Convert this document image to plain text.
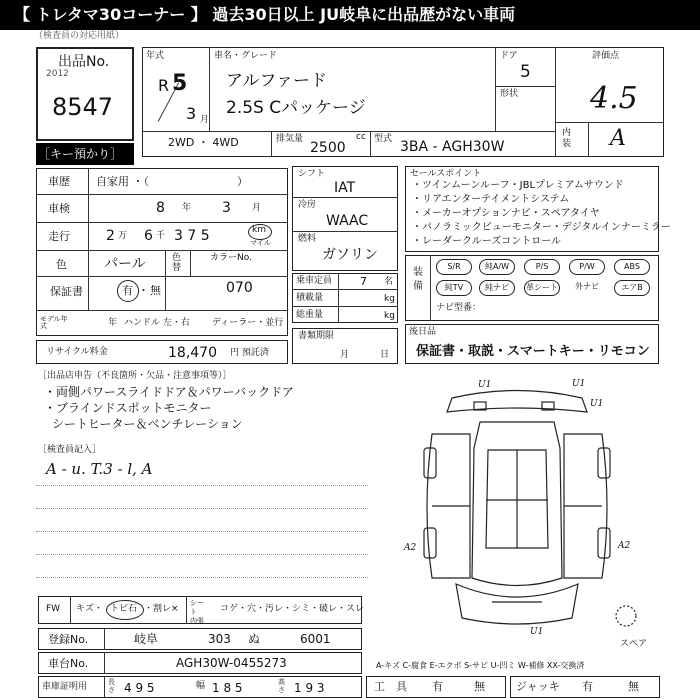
【 トレタマ30コーナー 】 過去30日以上 JU岐阜に出品歴がない車両
（検査員の対応用紙）
出品No.
2012
8547
［キー預かり］
年式
R 5
3 月
車名・グレード
アルファード
2.5S Cパッケージ
ドア
5
形状
評価点
4.5
内装 A
2WD ・ 4WD	排気量	cc
2500
型式 3BA - AGH30W
車歴 自家用 ・（　　　　　　　　）
車検	8 年 3 月
走行	2 万 6 千 3 7 5	km
マイル
色	パール	色替
カラーNo.
070
保証書	有 ・ 無
モデル年式	年 ハンドル 左・右 ディーラー・並行
リサイクル料金	18,470 円 預託済
シフト
IAT
冷房
WAAC
燃料
ガソリン
乗車定員	7 名
積載量	kg
総重量	kg
書類期限
月	日
セールスポイント
・ツインムーンルーフ・JBLプレミアムサウンド
・リアエンターテイメントシステム
・メーカーオプションナビ・スペアタイヤ
・パノラミックビューモニター・デジタルインナーミラー
・レーダークルーズコントロール
装備
S/R	純A/W	P/S	P/W	ABS
純TV	純ナビ	革シート	外ナビ	エアB
ナビ型番：
後日品
保証書・取説・スマートキー・リモコン
［出品店申告（不良箇所・欠品・注意事項等）］
・両側パワースライドドア＆パワーバックドア
・ブラインドスポットモニター
シートヒーター＆ベンチレーション
［検査員記入］
A - u. T.3 - l, A
U1	U1
A2	A2
U1
U1
スペア
FW キズ・ トビ石 ・割レ×
シート
内張
コゲ・穴・汚レ・シミ・破レ・スレ
登録No.	岐阜	303 ぬ	6001
車台No.	AGH30W-0455273	A-キズ C-腐食 E-エクボ S-サビ U-凹ミ W-補修 XX-交換済
車庫証明用	長さ 4 9 5	幅 1 8 5	高さ 1 9 3	工　具 有	無	ジャッキ 有	無
